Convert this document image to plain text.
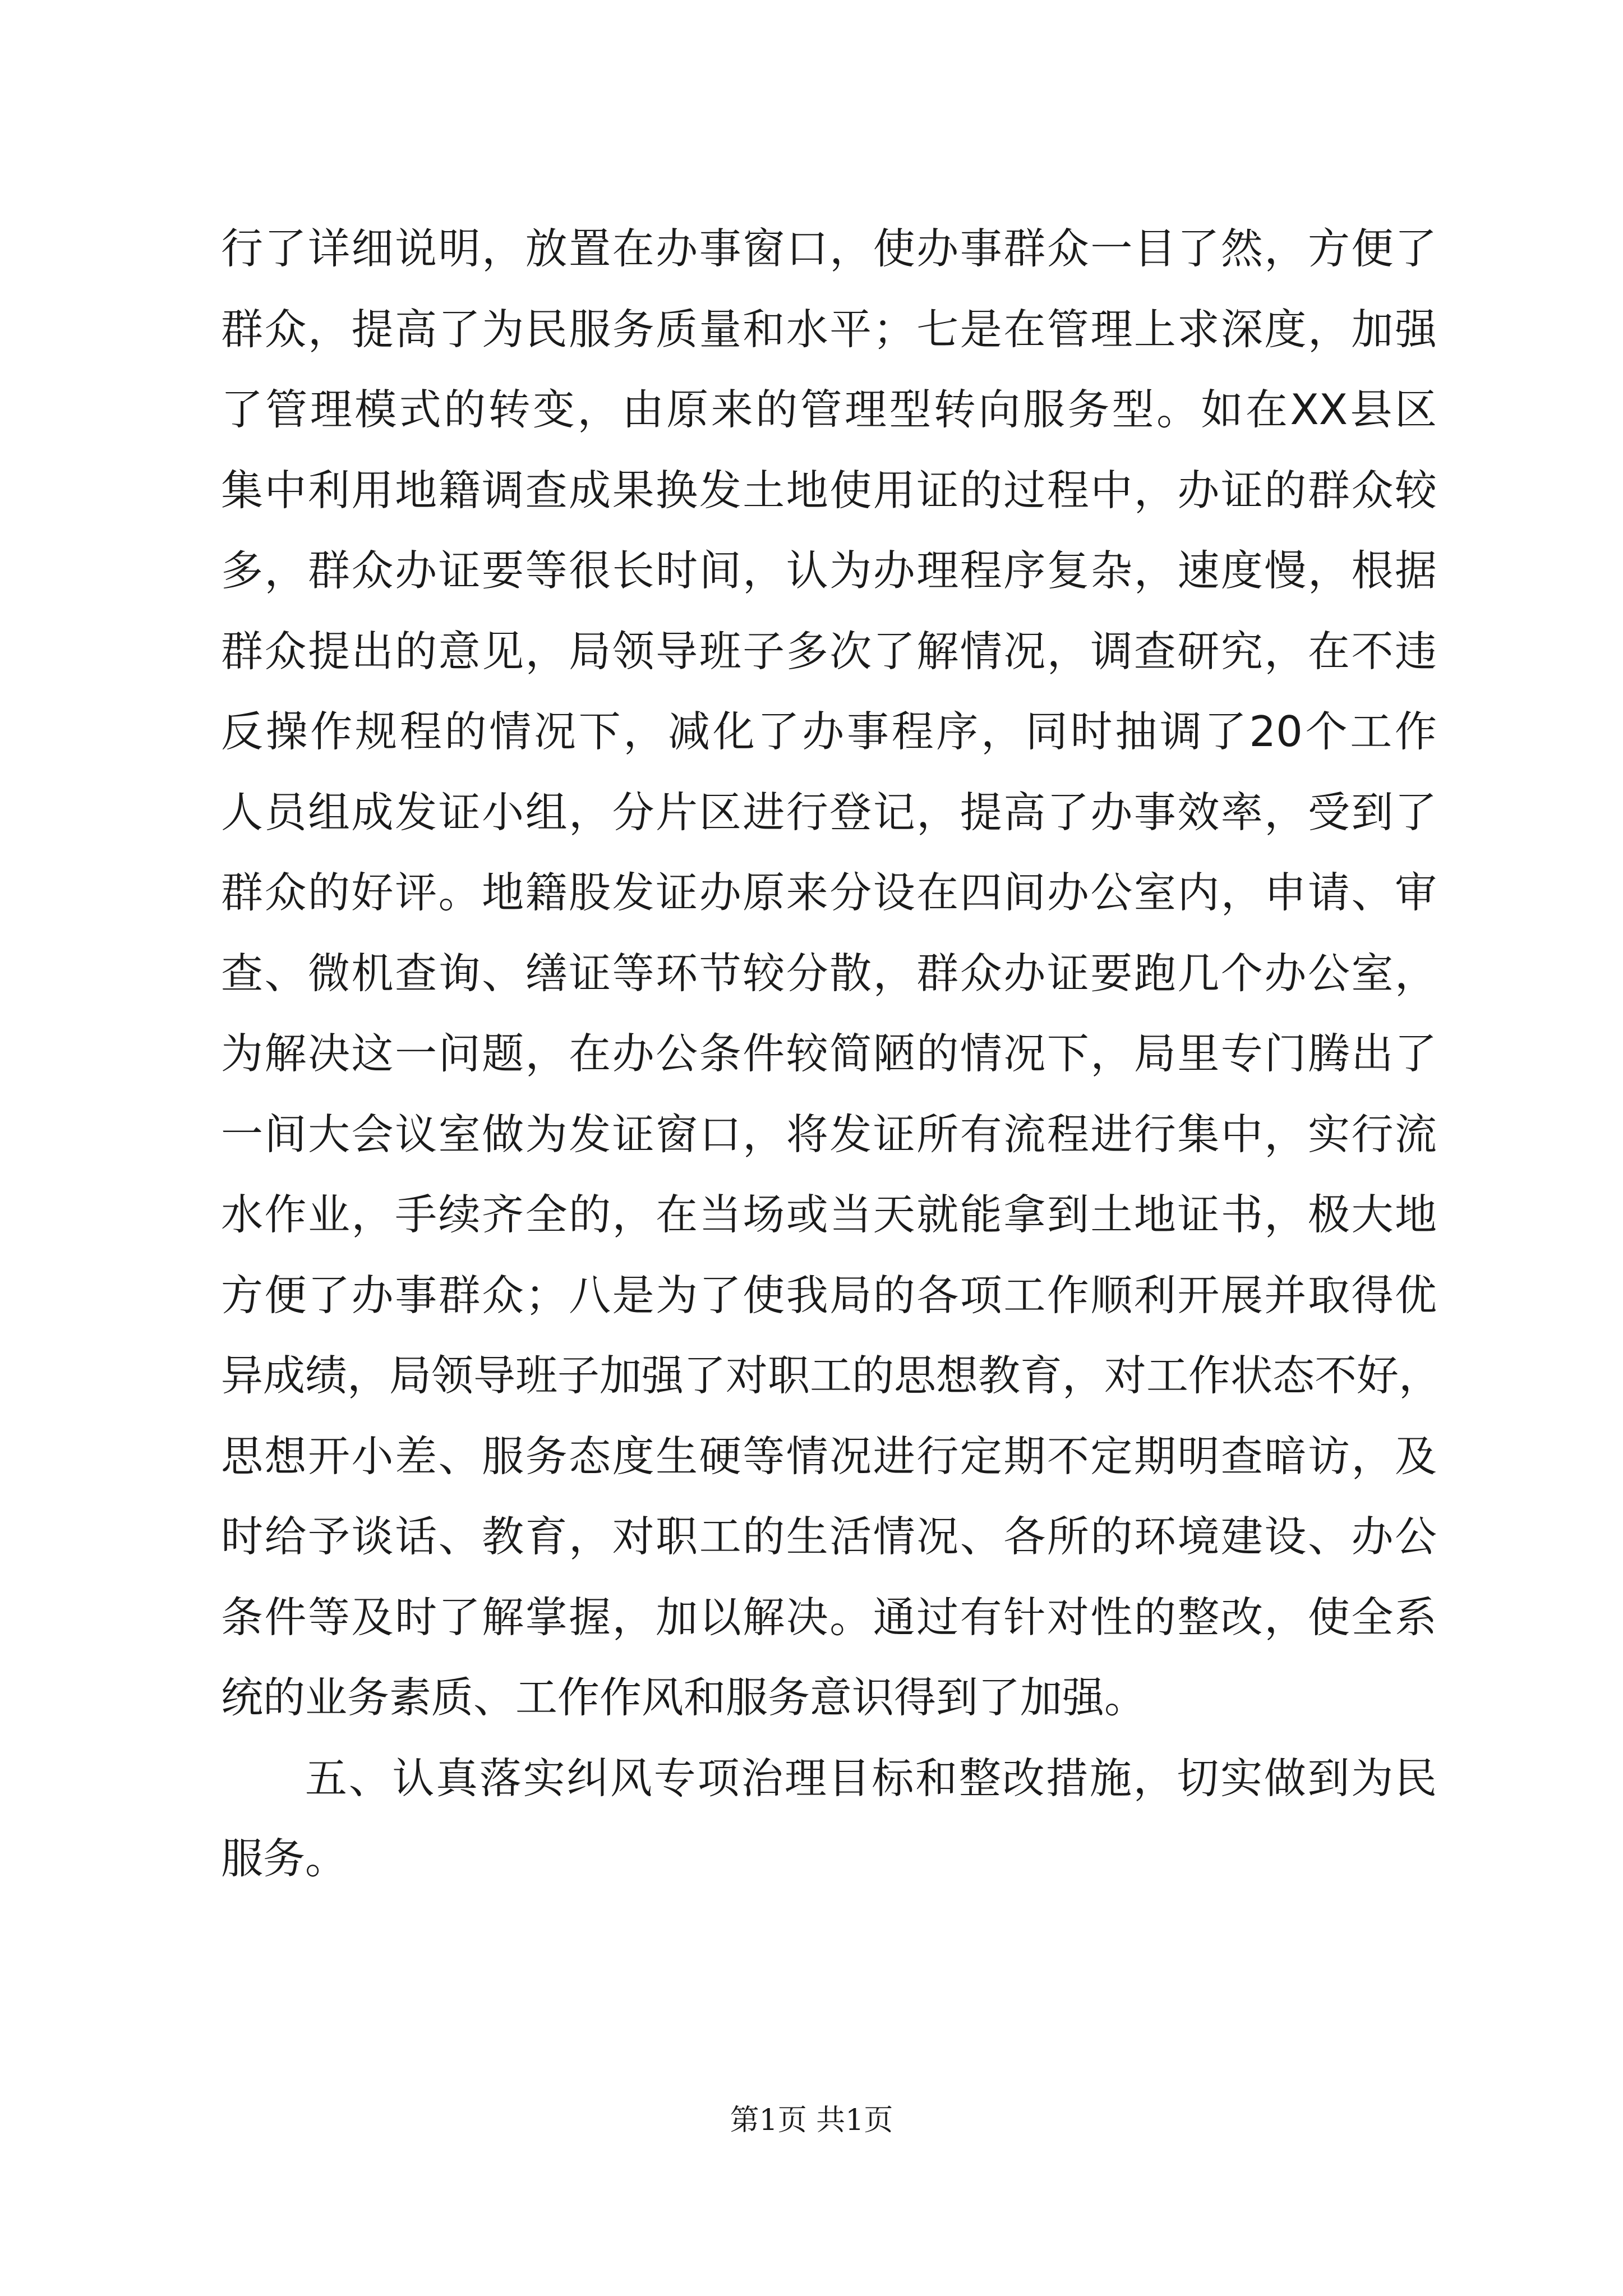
行了详细说明，放置在办事窗口，使办事群众一目了然，方便了
群众，提高了为民服务质量和水平；七是在管理上求深度，加强
了管理模式的转变，由原来的管理型转向服务型。如在XX县区
集中利用地籍调查成果换发土地使用证的过程中，办证的群众较
多，群众办证要等很长时间，认为办理程序复杂，速度慢，根据
群众提出的意见，局领导班子多次了解情况，调查研究，在不违
反操作规程的情况下，减化了办事程序，同时抽调了20个工作
人员组成发证小组，分片区进行登记，提高了办事效率，受到了
群众的好评。地籍股发证办原来分设在四间办公室内，申请、审
查、微机查询、缮证等环节较分散，群众办证要跑几个办公室，
为解决这一问题，在办公条件较简陋的情况下，局里专门腾出了
一间大会议室做为发证窗口，将发证所有流程进行集中，实行流
水作业，手续齐全的，在当场或当天就能拿到土地证书，极大地
方便了办事群众；八是为了使我局的各项工作顺利开展并取得优
异成绩，局领导班子加强了对职工的思想教育，对工作状态不好，
思想开小差、服务态度生硬等情况进行定期不定期明查暗访，及
时给予谈话、教育，对职工的生活情况、各所的环境建设、办公
条件等及时了解掌握，加以解决。通过有针对性的整改，使全系
统的业务素质、工作作风和服务意识得到了加强。
五、认真落实纠风专项治理目标和整改措施，切实做到为民
服务。
第1页 共1页
